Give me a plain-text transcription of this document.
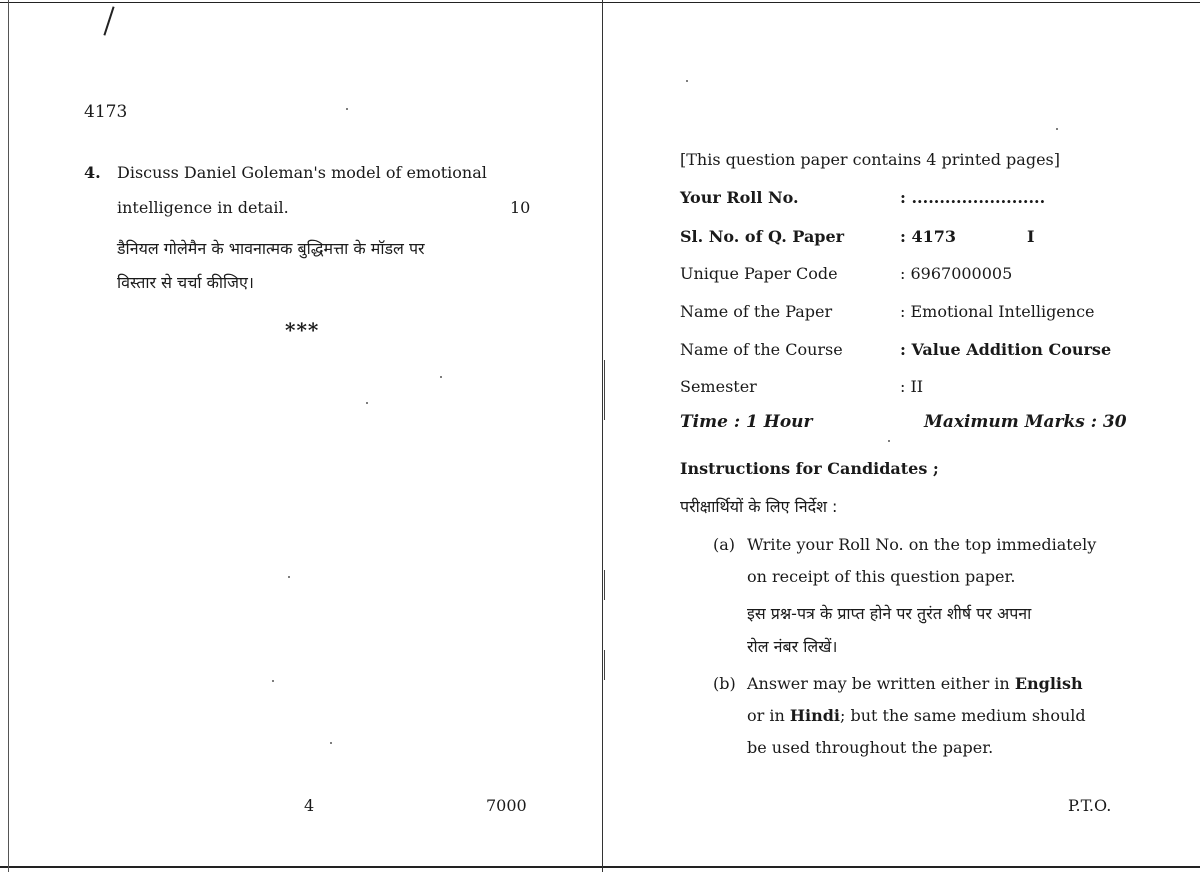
4173
4. Discuss Daniel Goleman's model of emotional
intelligence in detail.	10
डैनियल गोलेमैन के भावनात्मक बुद्धिमत्ता के मॉडल पर
विस्तार से चर्चा कीजिए।
***
4	7000
[This question paper contains 4 printed pages]
Your Roll No.	: ........................
Sl. No. of Q. Paper	: 4173	I
Unique Paper Code	: 6967000005
Name of the Paper	: Emotional Intelligence
Name of the Course	: Value Addition Course
Semester	: II
Time : 1 Hour	Maximum Marks : 30
Instructions for Candidates ;
परीक्षार्थियों के लिए निर्देश :
(a) Write your Roll No. on the top immediately
on receipt of this question paper.
इस प्रश्न-पत्र के प्राप्त होने पर तुरंत शीर्ष पर अपना
रोल नंबर लिखें।
(b) Answer may be written either in English
or in Hindi; but the same medium should
be used throughout the paper.
P.T.O.
